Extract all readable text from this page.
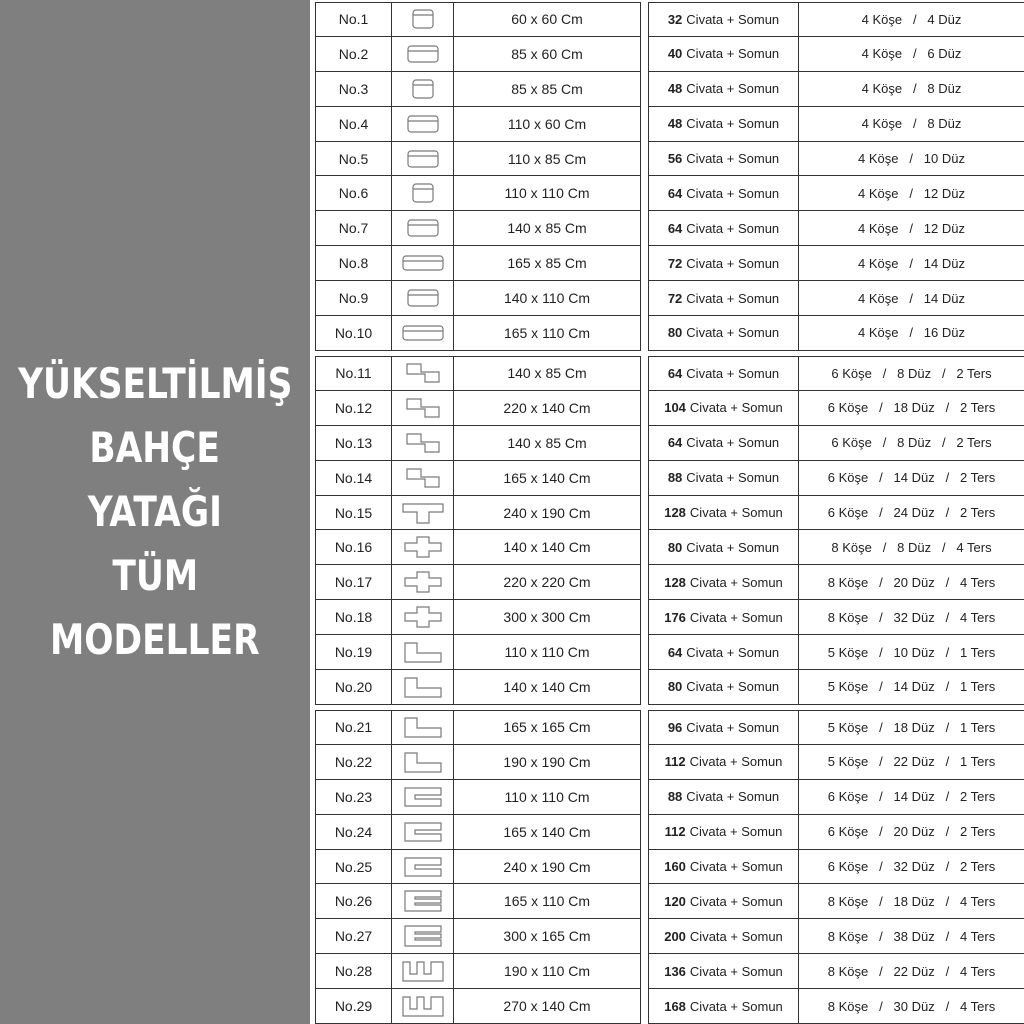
YÜKSELTİLMİŞ
BAHÇE
YATAĞI
TÜM
MODELLER
No.1	60 x 60 Cm	32 Civata + Somun	4 Köşe   /   4 Düz
No.2	85 x 60 Cm	40 Civata + Somun	4 Köşe   /   6 Düz
No.3	85 x 85 Cm	48 Civata + Somun	4 Köşe   /   8 Düz
No.4	110 x 60 Cm	48 Civata + Somun	4 Köşe   /   8 Düz
No.5	110 x 85 Cm	56 Civata + Somun	4 Köşe   /   10 Düz
No.6	110 x 110 Cm	64 Civata + Somun	4 Köşe   /   12 Düz
No.7	140 x 85 Cm	64 Civata + Somun	4 Köşe   /   12 Düz
No.8	165 x 85 Cm	72 Civata + Somun	4 Köşe   /   14 Düz
No.9	140 x 110 Cm	72 Civata + Somun	4 Köşe   /   14 Düz
No.10	165 x 110 Cm	80 Civata + Somun	4 Köşe   /   16 Düz
No.11	140 x 85 Cm	64 Civata + Somun	6 Köşe   /   8 Düz   /   2 Ters
No.12	220 x 140 Cm	104 Civata + Somun	6 Köşe   /   18 Düz   /   2 Ters
No.13	140 x 85 Cm	64 Civata + Somun	6 Köşe   /   8 Düz   /   2 Ters
No.14	165 x 140 Cm	88 Civata + Somun	6 Köşe   /   14 Düz   /   2 Ters
No.15	240 x 190 Cm	128 Civata + Somun	6 Köşe   /   24 Düz   /   2 Ters
No.16	140 x 140 Cm	80 Civata + Somun	8 Köşe   /   8 Düz   /   4 Ters
No.17	220 x 220 Cm	128 Civata + Somun	8 Köşe   /   20 Düz   /   4 Ters
No.18	300 x 300 Cm	176 Civata + Somun	8 Köşe   /   32 Düz   /   4 Ters
No.19	110 x 110 Cm	64 Civata + Somun	5 Köşe   /   10 Düz   /   1 Ters
No.20	140 x 140 Cm	80 Civata + Somun	5 Köşe   /   14 Düz   /   1 Ters
No.21	165 x 165 Cm	96 Civata + Somun	5 Köşe   /   18 Düz   /   1 Ters
No.22	190 x 190 Cm	112 Civata + Somun	5 Köşe   /   22 Düz   /   1 Ters
No.23	110 x 110 Cm	88 Civata + Somun	6 Köşe   /   14 Düz   /   2 Ters
No.24	165 x 140 Cm	112 Civata + Somun	6 Köşe   /   20 Düz   /   2 Ters
No.25	240 x 190 Cm	160 Civata + Somun	6 Köşe   /   32 Düz   /   2 Ters
No.26	165 x 110 Cm	120 Civata + Somun	8 Köşe   /   18 Düz   /   4 Ters
No.27	300 x 165 Cm	200 Civata + Somun	8 Köşe   /   38 Düz   /   4 Ters
No.28	190 x 110 Cm	136 Civata + Somun	8 Köşe   /   22 Düz   /   4 Ters
No.29	270 x 140 Cm	168 Civata + Somun	8 Köşe   /   30 Düz   /   4 Ters
